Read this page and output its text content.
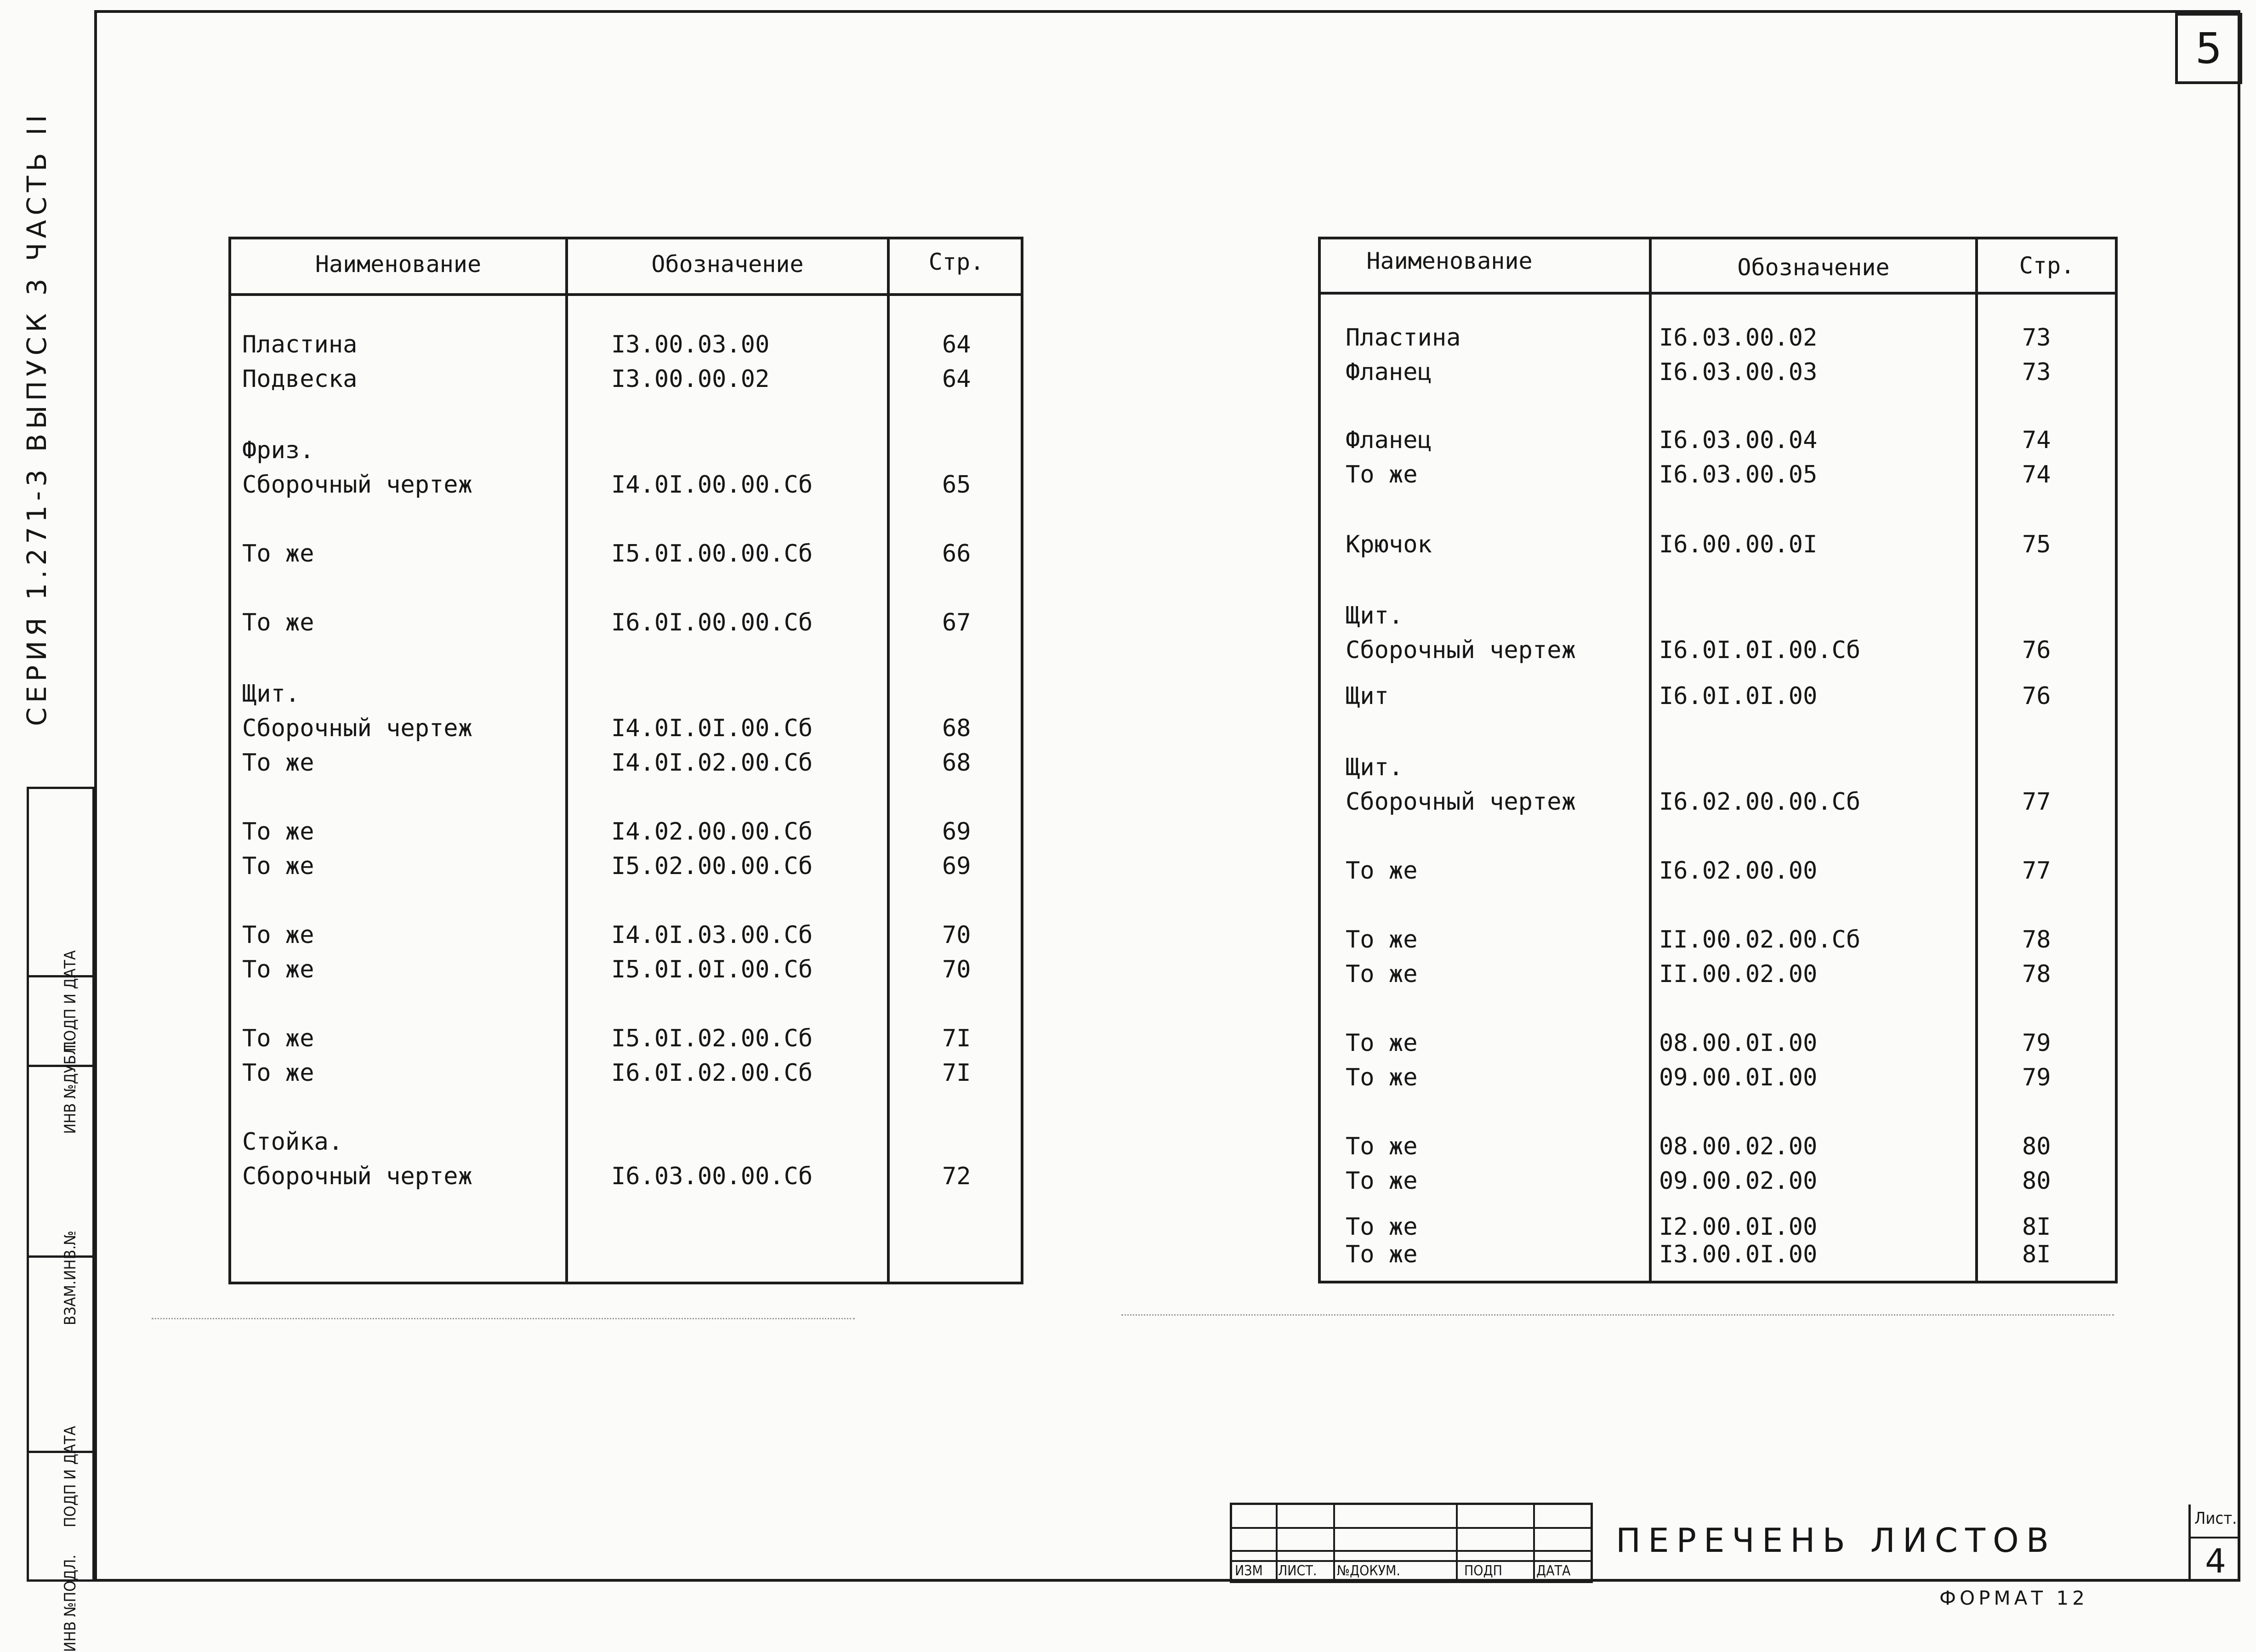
5
СЕРИЯ 1.271-3 ВЫПУСК 3 ЧАСТЬ II
ИНВ №ПОДЛ.
ПОДП И ДАТА
ВЗАМ.ИНВ.№
ИНВ №ДУБЛ.
ПОДП И ДАТА
Наименование	Обозначение	Стр.
Пластина	I3.00.03.00	64
Подвеска	I3.00.00.02	64
Фриз.
Сборочный чертеж	I4.0I.00.00.Сб	65
То же	I5.0I.00.00.Сб	66
То же	I6.0I.00.00.Сб	67
Щит.
Сборочный чертеж	I4.0I.0I.00.Сб	68
То же	I4.0I.02.00.Сб	68
То же	I4.02.00.00.Сб	69
То же	I5.02.00.00.Сб	69
То же	I4.0I.03.00.Сб	70
То же	I5.0I.0I.00.Сб	70
То же	I5.0I.02.00.Сб	7I
То же	I6.0I.02.00.Сб	7I
Стойка.
Сборочный чертеж	I6.03.00.00.Сб	72
Наименование	Обозначение	Стр.
Пластина	I6.03.00.02	73
Фланец	I6.03.00.03	73
Фланец	I6.03.00.04	74
То же	I6.03.00.05	74
Крючок	I6.00.00.0I	75
Щит.
Сборочный чертеж	I6.0I.0I.00.Сб	76
Щит	I6.0I.0I.00	76
Щит.
Сборочный чертеж	I6.02.00.00.Сб	77
То же	I6.02.00.00	77
То же	II.00.02.00.Сб	78
То же	II.00.02.00	78
То же	08.00.0I.00	79
То же	09.00.0I.00	79
То же	08.00.02.00	80
То же	09.00.02.00	80
То же	I2.00.0I.00	8I
То же	I3.00.0I.00	8I
ИЗМ ЛИСТ. №ДОКУМ.	ПОДП ДАТА
ПЕРЕЧЕНЬ ЛИСТОВ
Лист.
4
ФОРМАТ 12
